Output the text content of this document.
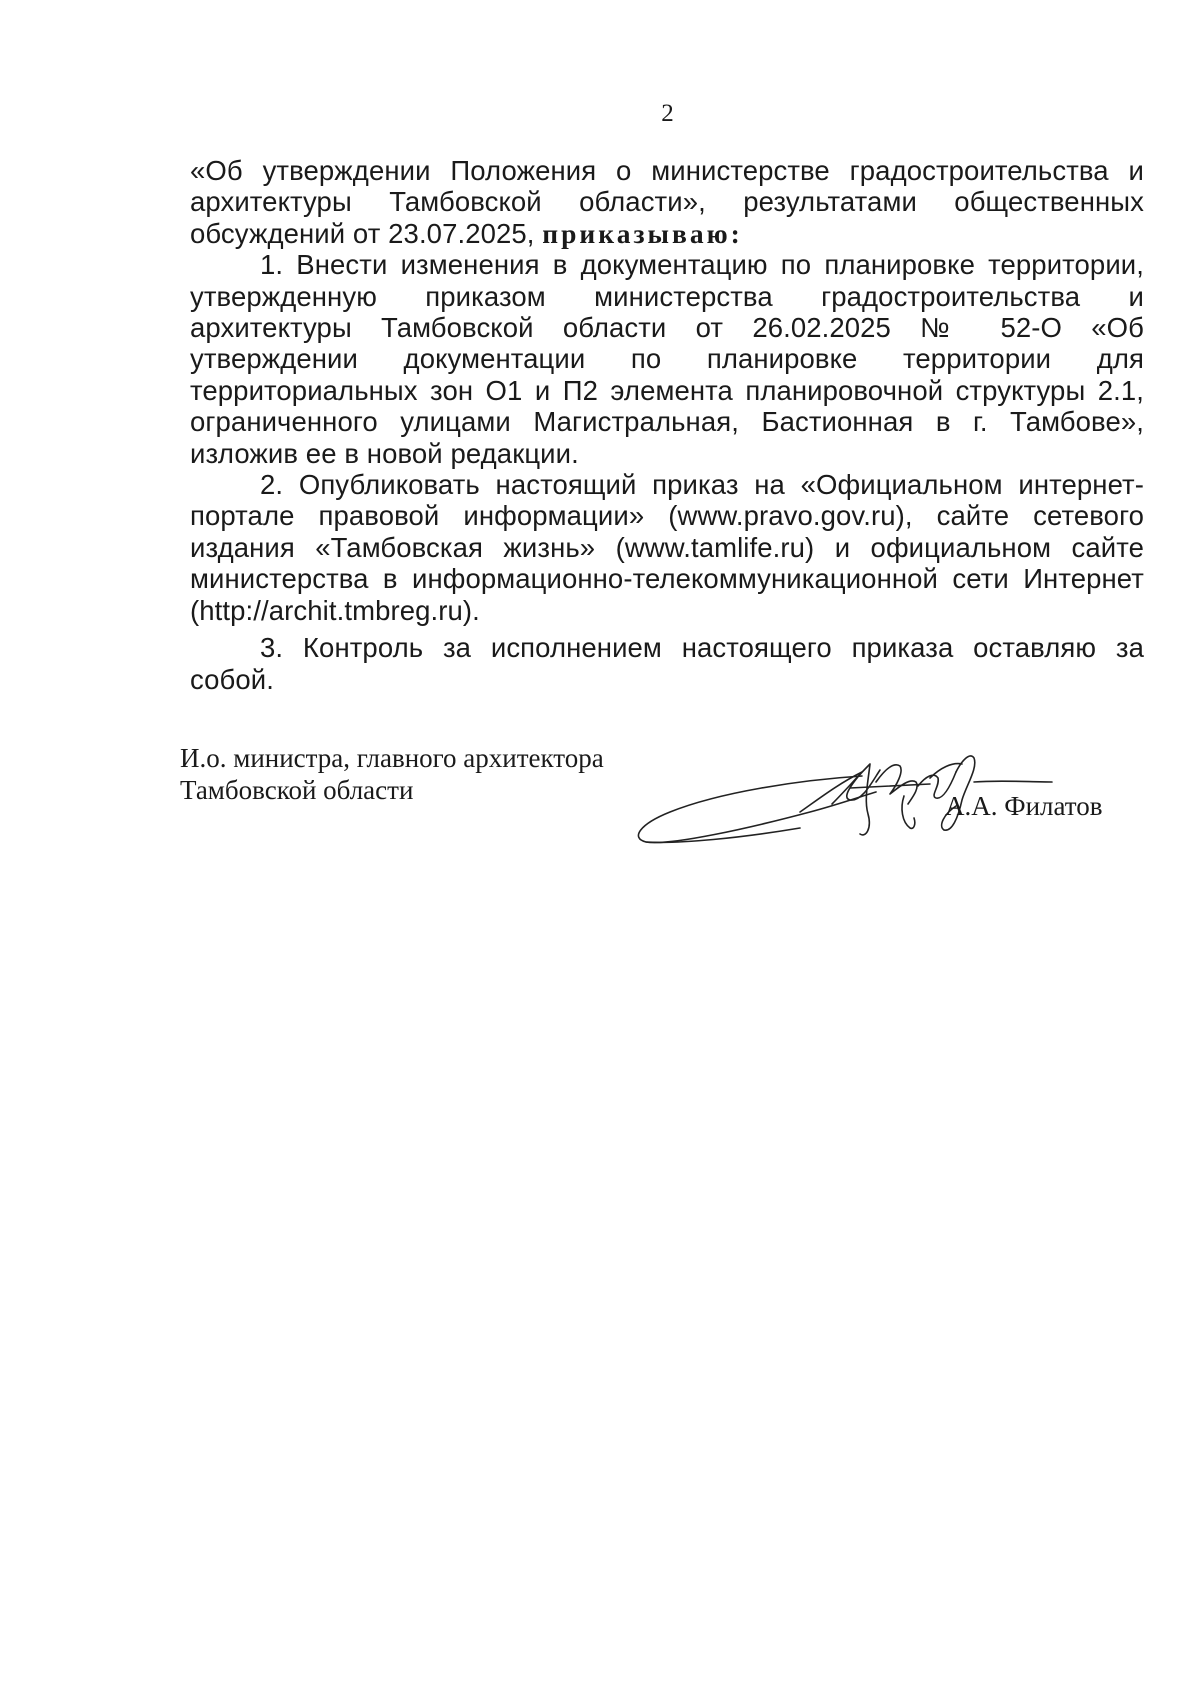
2

«Об утверждении Положения о министерстве градостроительства и архитектуры Тамбовской области», результатами общественных обсуждений от 23.07.2025, приказываю:

1. Внести изменения в документацию по планировке территории, утвержденную приказом министерства градостроительства и архитектуры Тамбовской области от 26.02.2025 № 52-О «Об утверждении документации по планировке территории для территориальных зон О1 и П2 элемента планировочной структуры 2.1, ограниченного улицами Магистральная, Бастионная в г. Тамбове», изложив ее в новой редакции.

2. Опубликовать настоящий приказ на «Официальном интернет-портале правовой информации» (www.pravo.gov.ru), сайте сетевого издания «Тамбовская жизнь» (www.tamlife.ru) и официальном сайте министерства в информационно-телекоммуникационной сети Интернет (http://archit.tmbreg.ru).

3. Контроль за исполнением настоящего приказа оставляю за собой.

И.о. министра, главного архитектора
Тамбовской области
А.А. Филатов
